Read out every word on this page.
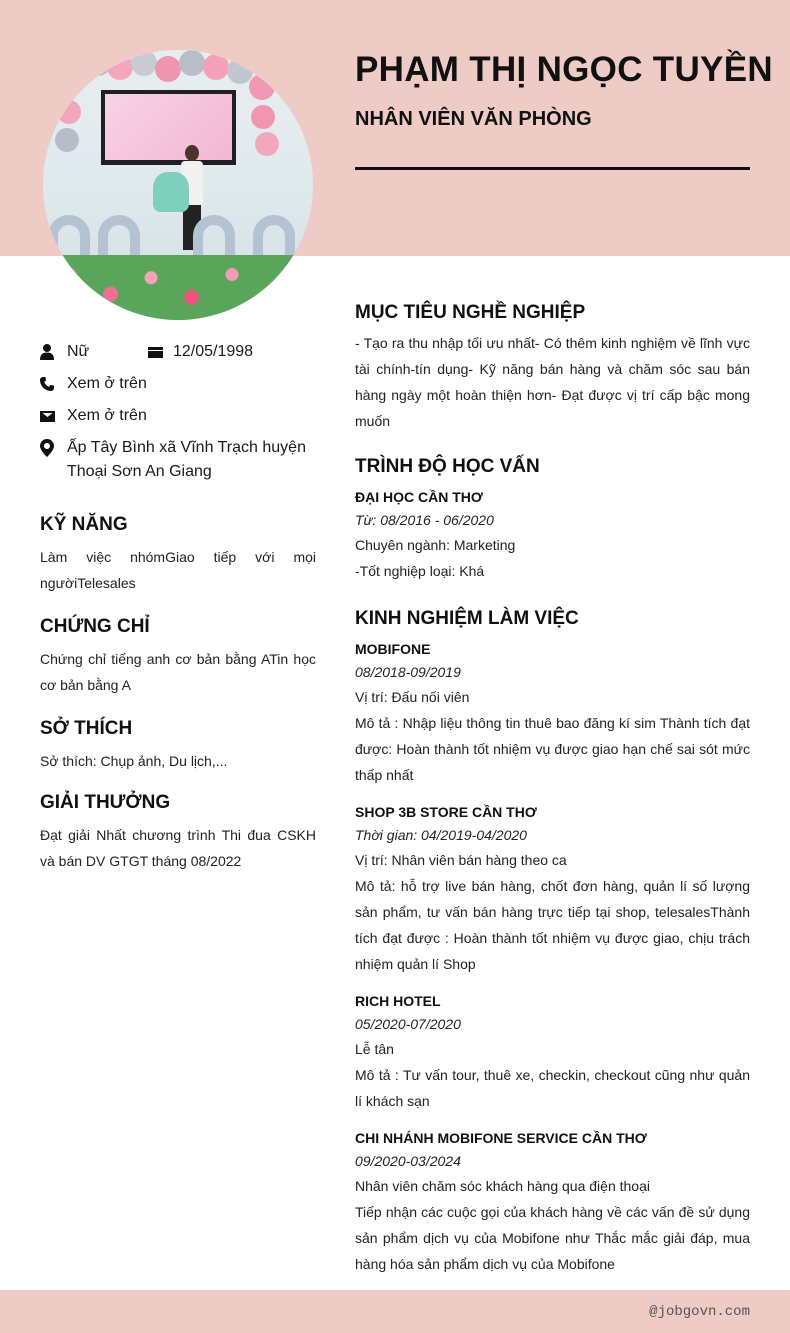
PHẠM THỊ NGỌC TUYỀN
NHÂN VIÊN VĂN PHÒNG
Nữ	12/05/1998
Xem ở trên
Xem ở trên
Ấp Tây Bình xã Vĩnh Trạch huyện Thoại Sơn An Giang
KỸ NĂNG

Làm việc nhómGiao tiếp với mọi ngườiTelesales

CHỨNG CHỈ

Chứng chỉ tiếng anh cơ bản bằng ATin học cơ bản bằng A

SỞ THÍCH

Sở thích: Chụp ảnh, Du lịch,...

GIẢI THƯỞNG

Đạt giải Nhất chương trình Thi đua CSKH và bán DV GTGT tháng 08/2022

MỤC TIÊU NGHỀ NGHIỆP

- Tạo ra thu nhập tối ưu nhất- Có thêm kinh nghiệm về lĩnh vực tài chính-tín dụng- Kỹ năng bán hàng và chăm sóc sau bán hàng ngày một hoàn thiện hơn- Đạt được vị trí cấp bậc mong muốn

TRÌNH ĐỘ HỌC VẤN

ĐẠI HỌC CẦN THƠ

Từ: 08/2016 - 06/2020

Chuyên ngành: Marketing

-Tốt nghiệp loại: Khá

KINH NGHIỆM LÀM VIỆC

MOBIFONE

08/2018-09/2019

Vị trí: Đấu nối viên

Mô tả : Nhập liệu thông tin thuê bao đăng kí sim Thành tích đạt được: Hoàn thành tốt nhiệm vụ được giao hạn chế sai sót mức thấp nhất

SHOP 3B STORE CẦN THƠ

Thời gian: 04/2019-04/2020

Vị trí: Nhân viên bán hàng theo ca

Mô tả: hỗ trợ live bán hàng, chốt đơn hàng, quản lí số lượng sản phẩm, tư vấn bán hàng trực tiếp tại shop, telesalesThành tích đạt được : Hoàn thành tốt nhiệm vụ được giao, chịu trách nhiệm quản lí Shop

RICH HOTEL

05/2020-07/2020

Lễ tân

Mô tả : Tư vấn tour, thuê xe, checkin, checkout cũng như quản lí khách sạn

CHI NHÁNH MOBIFONE SERVICE CẦN THƠ

09/2020-03/2024

Nhân viên chăm sóc khách hàng qua điện thoại

Tiếp nhận các cuộc gọi của khách hàng về các vấn đề sử dụng sản phẩm dịch vụ của Mobifone như Thắc mắc giải đáp, mua hàng hóa sản phẩm dịch vụ của Mobifone

@jobgovn.com
